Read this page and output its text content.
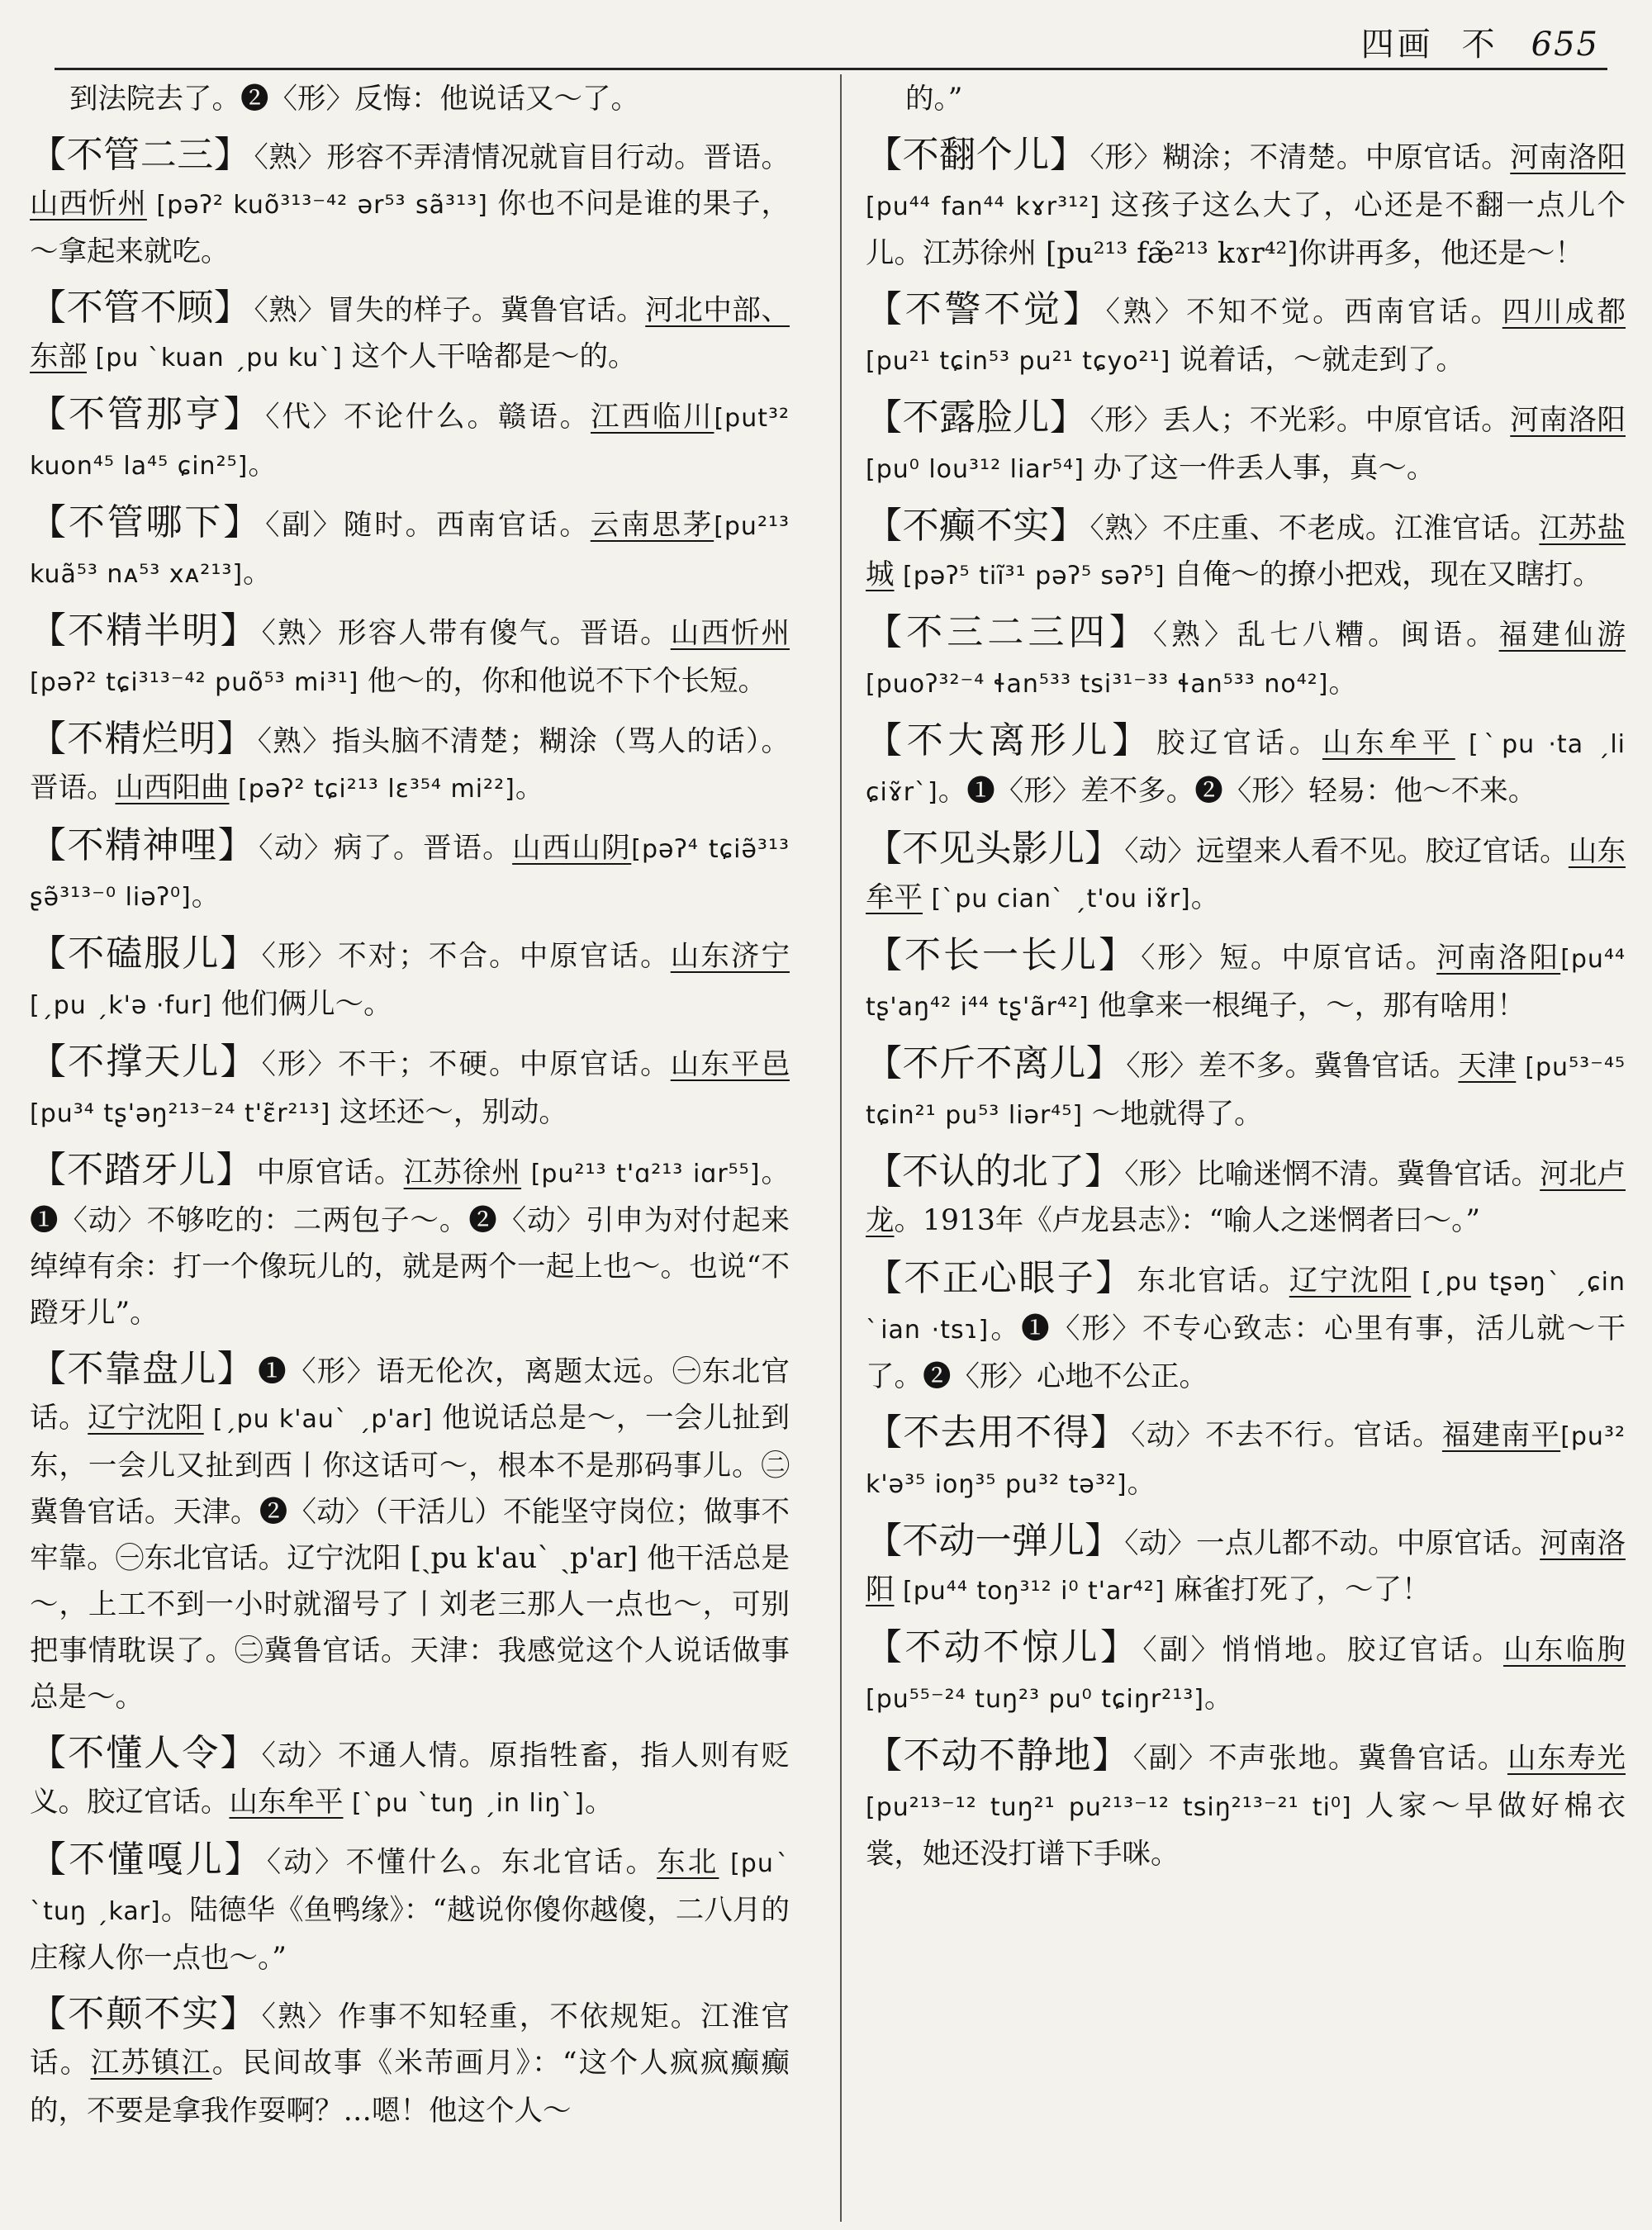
四画 不 655

到法院去了。❷〈形〉反悔：他说话又～了。

【不管二三】 〈熟〉形容不弄清情况就盲目行动。晋语。山西忻州 [pəʔ² kuõ³¹³⁻⁴² ər⁵³ sã³¹³] 你也不问是谁的果子，～拿起来就吃。

【不管不顾】 〈熟〉冒失的样子。冀鲁官话。河北中部、东部 [pu ˋkuan ˏpu kuˋ] 这个人干啥都是～的。

【不管那亨】 〈代〉不论什么。赣语。江西临川[put³² kuon⁴⁵ la⁴⁵ ɕin²⁵]。

【不管哪下】 〈副〉随时。西南官话。云南思茅[pu²¹³ kuã⁵³ nᴀ⁵³ xᴀ²¹³]。

【不精半明】 〈熟〉形容人带有傻气。晋语。山西忻州 [pəʔ² tɕi³¹³⁻⁴² puõ⁵³ mi³¹] 他～的，你和他说不下个长短。

【不精烂明】 〈熟〉指头脑不清楚；糊涂（骂人的话）。晋语。山西阳曲 [pəʔ² tɕi²¹³ lɛ³⁵⁴ mi²²]。

【不精神哩】 〈动〉病了。晋语。山西山阴[pəʔ⁴ tɕiə̃³¹³ ʂə̃³¹³⁻⁰ liəʔ⁰]。

【不磕服儿】 〈形〉不对；不合。中原官话。山东济宁 [ˏpu ˏk'ə ·fur] 他们俩儿～。

【不撑天儿】 〈形〉不干；不硬。中原官话。山东平邑 [pu³⁴ tʂ'əŋ²¹³⁻²⁴ t'ɛ̃r²¹³] 这坯还～，别动。

【不踏牙儿】 中原官话。江苏徐州 [pu²¹³ t'ɑ²¹³ iɑr⁵⁵]。❶〈动〉不够吃的：二两包子～。❷〈动〉引申为对付起来绰绰有余：打一个像玩儿的，就是两个一起上也～。也说“不蹬牙儿”。

【不靠盘儿】 ❶〈形〉语无伦次，离题太远。㊀东北官话。辽宁沈阳 [ˏpu k'auˋ ˏp'ar] 他说话总是～，一会儿扯到东，一会儿又扯到西丨你这话可～，根本不是那码事儿。㊁冀鲁官话。天津。❷〈动〉（干活儿）不能坚守岗位；做事不牢靠。㊀东北官话。辽宁沈阳 [ˏpu k'auˋ ˏp'ar] 他干活总是～，上工不到一小时就溜号了丨刘老三那人一点也～，可别把事情耽误了。㊁冀鲁官话。天津：我感觉这个人说话做事总是～。

【不懂人令】 〈动〉不通人情。原指牲畜，指人则有贬义。胶辽官话。山东牟平 [ˋpu ˋtuŋ ˏin liŋˋ]。

【不懂嘎儿】 〈动〉不懂什么。东北官话。东北 [puˋ ˋtuŋ ˏkar]。陆德华《鱼鸭缘》：“越说你傻你越傻，二八月的庄稼人你一点也～。”

【不颠不实】 〈熟〉作事不知轻重，不依规矩。江淮官话。江苏镇江。民间故事《米芾画月》：“这个人疯疯癫癫的，不要是拿我作耍啊？…嗯！他这个人～

的。”

【不翻个儿】 〈形〉糊涂；不清楚。中原官话。河南洛阳 [pu⁴⁴ fan⁴⁴ kɤr³¹²] 这孩子这么大了，心还是不翻一点儿个儿。江苏徐州 [pu²¹³ fæ̃²¹³ kɤr⁴²]你讲再多，他还是～！

【不警不觉】 〈熟〉不知不觉。西南官话。四川成都 [pu²¹ tɕin⁵³ pu²¹ tɕyo²¹] 说着话，～就走到了。

【不露脸儿】 〈形〉丢人；不光彩。中原官话。河南洛阳 [pu⁰ lou³¹² liar⁵⁴] 办了这一件丢人事，真～。

【不癫不实】 〈熟〉不庄重、不老成。江淮官话。江苏盐城 [pəʔ⁵ tiĩ³¹ pəʔ⁵ səʔ⁵] 自俺～的撩小把戏，现在又瞎打。

【不三二三四】 〈熟〉乱七八糟。闽语。福建仙游 [puoʔ³²⁻⁴ ɬan⁵³³ tsi³¹⁻³³ ɬan⁵³³ no⁴²]。

【不大离形儿】 胶辽官话。山东牟平 [ˋpu ·ta ˏli ɕiɤ̃rˋ]。❶〈形〉差不多。❷〈形〉轻易：他～不来。

【不见头影儿】 〈动〉远望来人看不见。胶辽官话。山东牟平 [ˋpu cianˋ ˏt'ou iɤ̃r]。

【不长一长儿】 〈形〉短。中原官话。河南洛阳[pu⁴⁴ tʂ'aŋ⁴² i⁴⁴ tʂ'ãr⁴²] 他拿来一根绳子，～，那有啥用！

【不斤不离儿】 〈形〉差不多。冀鲁官话。天津 [pu⁵³⁻⁴⁵ tɕin²¹ pu⁵³ liər⁴⁵] ～地就得了。

【不认的北了】 〈形〉比喻迷惘不清。冀鲁官话。河北卢龙。1913年《卢龙县志》：“喻人之迷惘者曰～。”

【不正心眼子】 东北官话。辽宁沈阳 [ˏpu tʂəŋˋ ˏɕin ˋian ·tsɿ]。❶〈形〉不专心致志：心里有事，活儿就～干了。❷〈形〉心地不公正。

【不去用不得】 〈动〉不去不行。官话。福建南平[pu³² k'ə³⁵ ioŋ³⁵ pu³² tə³²]。

【不动一弹儿】 〈动〉一点儿都不动。中原官话。河南洛阳 [pu⁴⁴ toŋ³¹² i⁰ t'ar⁴²] 麻雀打死了，～了！

【不动不惊儿】 〈副〉悄悄地。胶辽官话。山东临朐 [pu⁵⁵⁻²⁴ tuŋ²³ pu⁰ tɕiŋr²¹³]。

【不动不静地】 〈副〉不声张地。冀鲁官话。山东寿光 [pu²¹³⁻¹² tuŋ²¹ pu²¹³⁻¹² tsiŋ²¹³⁻²¹ ti⁰] 人家～早做好棉衣裳，她还没打谱下手咪。
